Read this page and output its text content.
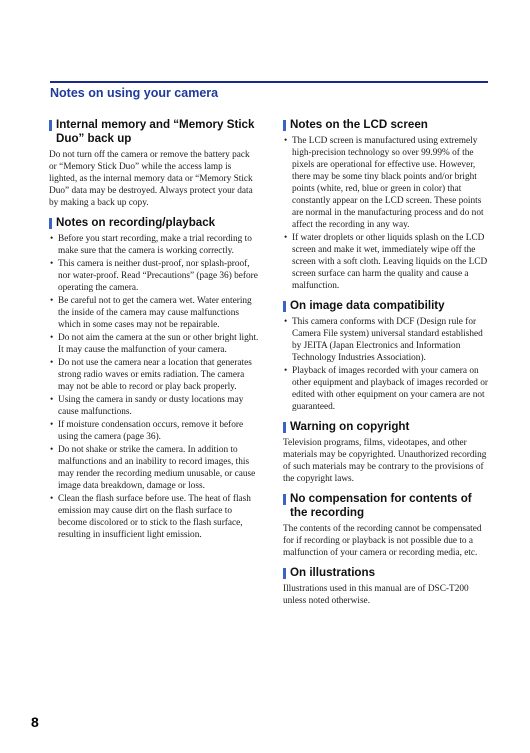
Notes on using your camera
Internal memory and “Memory Stick Duo” back up

Do not turn off the camera or remove the battery pack or “Memory Stick Duo” while the access lamp is lighted, as the internal memory data or “Memory Stick Duo” data may be destroyed. Always protect your data by making a back up copy.

Notes on recording/playback
• Before you start recording, make a trial recording to make sure that the camera is working correctly.
• This camera is neither dust-proof, nor splash-proof, nor water-proof. Read “Precautions” (page 36) before operating the camera.
• Be careful not to get the camera wet. Water entering the inside of the camera may cause malfunctions which in some cases may not be repairable.
• Do not aim the camera at the sun or other bright light. It may cause the malfunction of your camera.
• Do not use the camera near a location that generates strong radio waves or emits radiation. The camera may not be able to record or play back properly.
• Using the camera in sandy or dusty locations may cause malfunctions.
• If moisture condensation occurs, remove it before using the camera (page 36).
• Do not shake or strike the camera. In addition to malfunctions and an inability to record images, this may render the recording medium unusable, or cause image data breakdown, damage or loss.
• Clean the flash surface before use. The heat of flash emission may cause dirt on the flash surface to become discolored or to stick to the flash surface, resulting in insufficient light emission.
Notes on the LCD screen
• The LCD screen is manufactured using extremely high-precision technology so over 99.99% of the pixels are operational for effective use. However, there may be some tiny black points and/or bright points (white, red, blue or green in color) that constantly appear on the LCD screen. These points are normal in the manufacturing process and do not affect the recording in any way.
• If water droplets or other liquids splash on the LCD screen and make it wet, immediately wipe off the screen with a soft cloth. Leaving liquids on the LCD screen surface can harm the quality and cause a malfunction.
On image data compatibility
• This camera conforms with DCF (Design rule for Camera File system) universal standard established by JEITA (Japan Electronics and Information Technology Industries Association).
• Playback of images recorded with your camera on other equipment and playback of images recorded or edited with other equipment on your camera are not guaranteed.
Warning on copyright

Television programs, films, videotapes, and other materials may be copyrighted. Unauthorized recording of such materials may be contrary to the provisions of the copyright laws.

No compensation for contents of the recording

The contents of the recording cannot be compensated for if recording or playback is not possible due to a malfunction of your camera or recording media, etc.

On illustrations

Illustrations used in this manual are of DSC-T200 unless noted otherwise.

8
